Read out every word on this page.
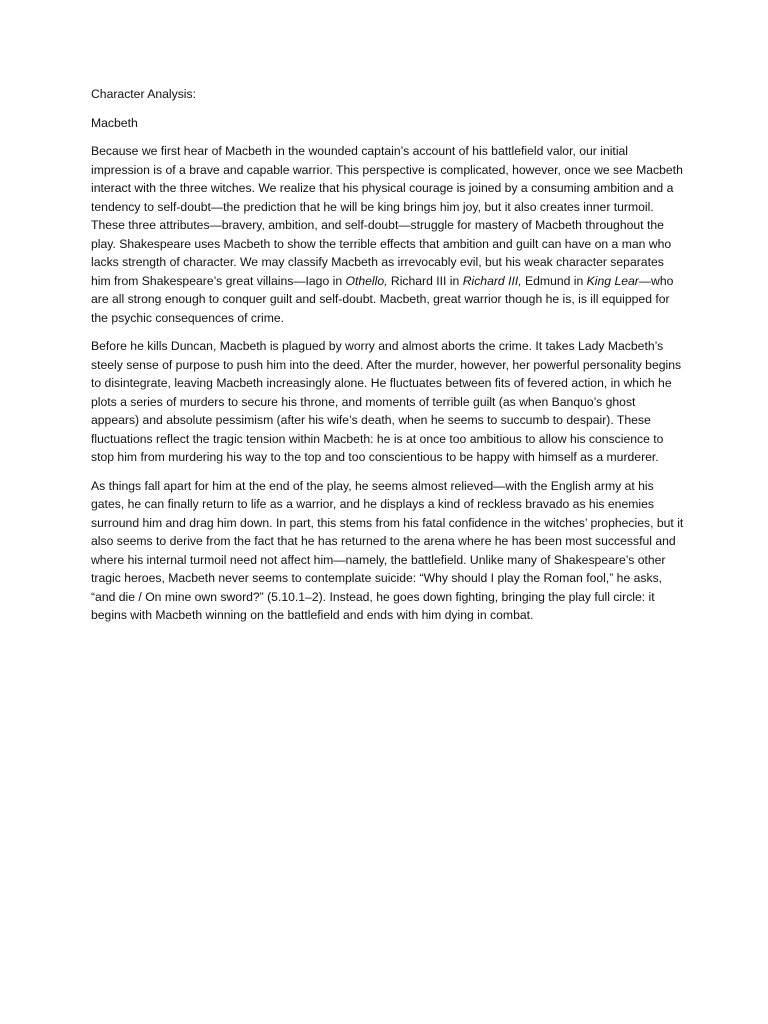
Character Analysis:

Macbeth

Because we first hear of Macbeth in the wounded captain’s account of his battlefield valor, our initial impression is of a brave and capable warrior. This perspective is complicated, however, once we see Macbeth interact with the three witches. We realize that his physical courage is joined by a consuming ambition and a tendency to self-doubt—the prediction that he will be king brings him joy, but it also creates inner turmoil. These three attributes—bravery, ambition, and self-doubt—struggle for mastery of Macbeth throughout the play. Shakespeare uses Macbeth to show the terrible effects that ambition and guilt can have on a man who lacks strength of character. We may classify Macbeth as irrevocably evil, but his weak character separates him from Shakespeare’s great villains—Iago in Othello, Richard III in Richard III, Edmund in King Lear—who are all strong enough to conquer guilt and self-doubt. Macbeth, great warrior though he is, is ill equipped for the psychic consequences of crime.

Before he kills Duncan, Macbeth is plagued by worry and almost aborts the crime. It takes Lady Macbeth’s steely sense of purpose to push him into the deed. After the murder, however, her powerful personality begins to disintegrate, leaving Macbeth increasingly alone. He fluctuates between fits of fevered action, in which he plots a series of murders to secure his throne, and moments of terrible guilt (as when Banquo’s ghost appears) and absolute pessimism (after his wife’s death, when he seems to succumb to despair). These fluctuations reflect the tragic tension within Macbeth: he is at once too ambitious to allow his conscience to stop him from murdering his way to the top and too conscientious to be happy with himself as a murderer.

As things fall apart for him at the end of the play, he seems almost relieved—with the English army at his gates, he can finally return to life as a warrior, and he displays a kind of reckless bravado as his enemies surround him and drag him down. In part, this stems from his fatal confidence in the witches’ prophecies, but it also seems to derive from the fact that he has returned to the arena where he has been most successful and where his internal turmoil need not affect him—namely, the battlefield. Unlike many of Shakespeare’s other tragic heroes, Macbeth never seems to contemplate suicide: “Why should I play the Roman fool,” he asks, “and die / On mine own sword?” (5.10.1–2). Instead, he goes down fighting, bringing the play full circle: it begins with Macbeth winning on the battlefield and ends with him dying in combat.
